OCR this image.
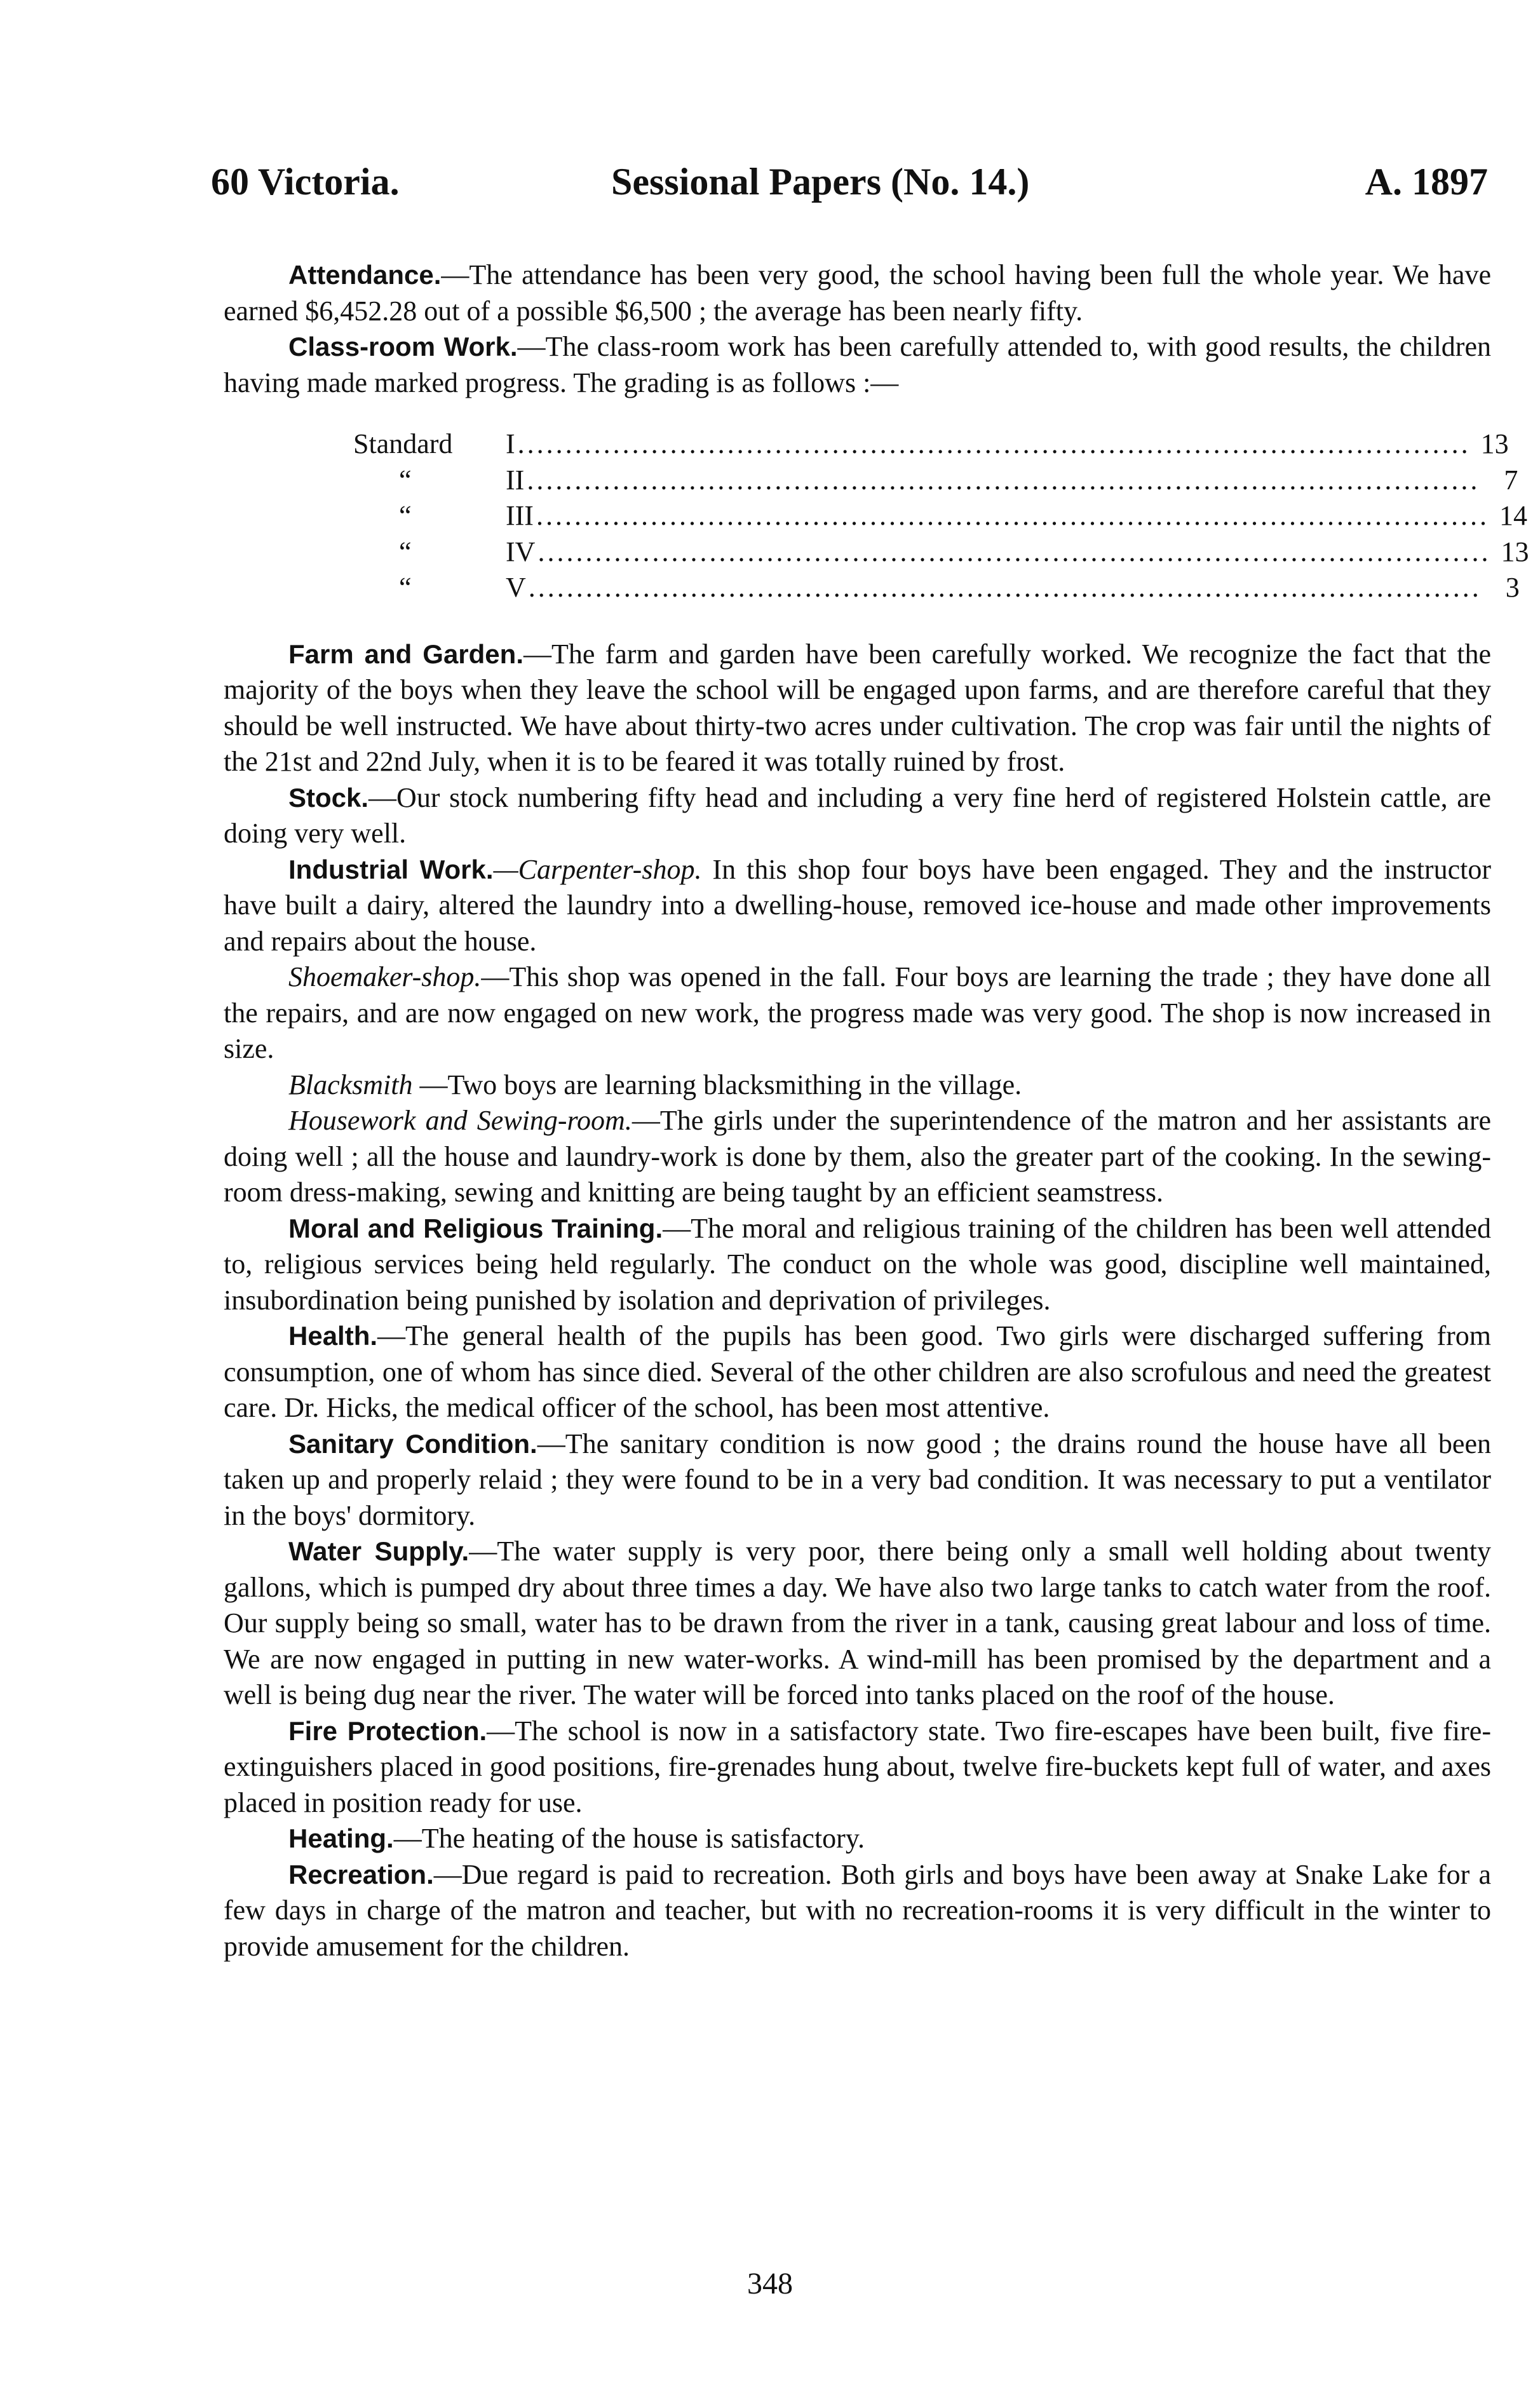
60 Victoria.	Sessional Papers (No. 14.)	A. 1897

Attendance.—The attendance has been very good, the school having been full the whole year. We have earned $6,452.28 out of a possible $6,500 ; the average has been nearly fifty.

Class-room Work.—The class-room work has been carefully attended to, with good results, the children having made marked progress. The grading is as follows :—

Standard	I .................................................................................................... 13
“	II .................................................................................................... 7
“	III .................................................................................................... 14
“	IV .................................................................................................... 13
“	V .................................................................................................... 3

Farm and Garden.—The farm and garden have been carefully worked. We recognize the fact that the majority of the boys when they leave the school will be engaged upon farms, and are therefore careful that they should be well instructed. We have about thirty-two acres under cultivation. The crop was fair until the nights of the 21st and 22nd July, when it is to be feared it was totally ruined by frost.

Stock.—Our stock numbering fifty head and including a very fine herd of registered Holstein cattle, are doing very well.

Industrial Work.—Carpenter-shop. In this shop four boys have been engaged. They and the instructor have built a dairy, altered the laundry into a dwelling-house, removed ice-house and made other improvements and repairs about the house.

Shoemaker-shop.—This shop was opened in the fall. Four boys are learning the trade ; they have done all the repairs, and are now engaged on new work, the progress made was very good. The shop is now increased in size.

Blacksmith —Two boys are learning blacksmithing in the village.

Housework and Sewing-room.—The girls under the superintendence of the matron and her assistants are doing well ; all the house and laundry-work is done by them, also the greater part of the cooking. In the sewing-room dress-making, sewing and knitting are being taught by an efficient seamstress.

Moral and Religious Training.—The moral and religious training of the children has been well attended to, religious services being held regularly. The conduct on the whole was good, discipline well maintained, insubordination being punished by isolation and deprivation of privileges.

Health.—The general health of the pupils has been good. Two girls were discharged suffering from consumption, one of whom has since died. Several of the other children are also scrofulous and need the greatest care. Dr. Hicks, the medical officer of the school, has been most attentive.

Sanitary Condition.—The sanitary condition is now good ; the drains round the house have all been taken up and properly relaid ; they were found to be in a very bad condition. It was necessary to put a ventilator in the boys' dormitory.

Water Supply.—The water supply is very poor, there being only a small well holding about twenty gallons, which is pumped dry about three times a day. We have also two large tanks to catch water from the roof. Our supply being so small, water has to be drawn from the river in a tank, causing great labour and loss of time. We are now engaged in putting in new water-works. A wind-mill has been promised by the department and a well is being dug near the river. The water will be forced into tanks placed on the roof of the house.

Fire Protection.—The school is now in a satisfactory state. Two fire-escapes have been built, five fire-extinguishers placed in good positions, fire-grenades hung about, twelve fire-buckets kept full of water, and axes placed in position ready for use.

Heating.—The heating of the house is satisfactory.

Recreation.—Due regard is paid to recreation. Both girls and boys have been away at Snake Lake for a few days in charge of the matron and teacher, but with no recreation-rooms it is very difficult in the winter to provide amusement for the children.

348
